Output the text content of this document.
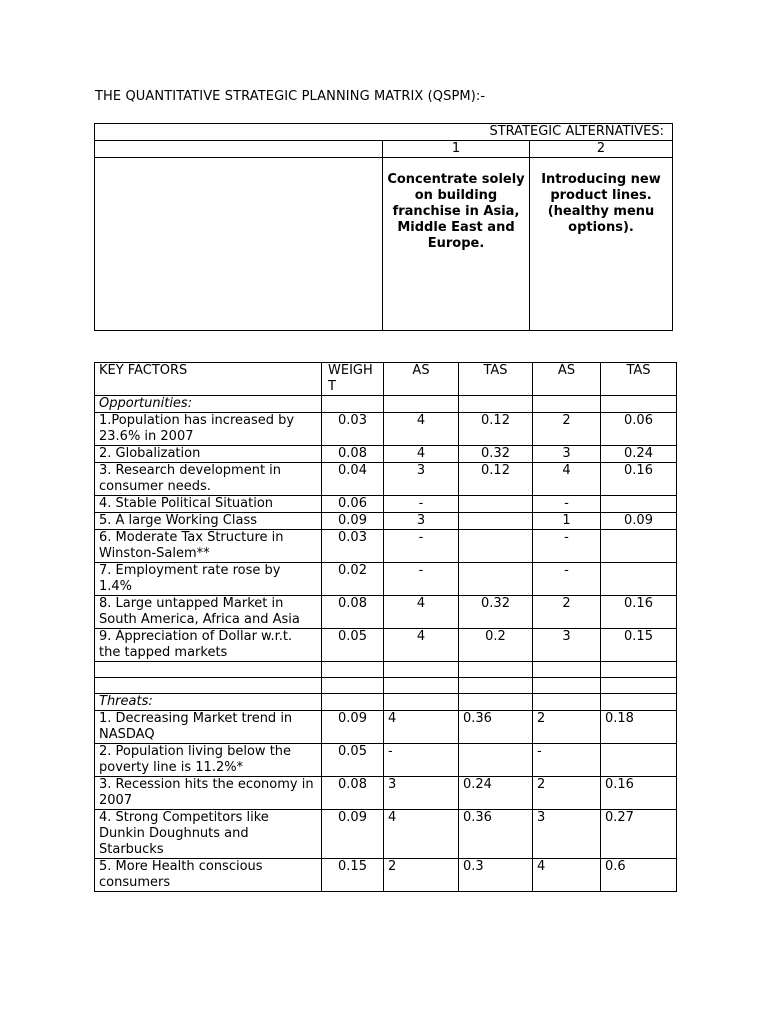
THE QUANTITATIVE STRATEGIC PLANNING MATRIX (QSPM):-
STRATEGIC ALTERNATIVES:		
	1	2
	Concentrate solely on building franchise in Asia, Middle East and Europe.	Introducing new product lines. (healthy menu options).
KEY FACTORS	WEIGH T	AS	TAS	AS	TAS
Opportunities:					
1.Population has increased by 23.6% in 2007	0.03	4	0.12	2	0.06
2. Globalization	0.08	4	0.32	3	0.24
3. Research development in consumer needs.	0.04	3	0.12	4	0.16
4. Stable Political Situation	0.06	-		-	
5. A large Working Class	0.09	3		1	0.09
6. Moderate Tax Structure in Winston-Salem**	0.03	-		-	
7. Employment rate rose by 1.4%	0.02	-		-	
8. Large untapped Market in South America, Africa and Asia	0.08	4	0.32	2	0.16
9. Appreciation of Dollar w.r.t. the tapped markets	0.05	4	0.2	3	0.15

Threats:					
1. Decreasing Market trend in NASDAQ	0.09	4	0.36	2	0.18
2. Population living below the poverty line is 11.2%*	0.05	-		-	
3. Recession hits the economy in 2007	0.08	3	0.24	2	0.16
4. Strong Competitors like Dunkin Doughnuts and Starbucks	0.09	4	0.36	3	0.27
5. More Health conscious consumers	0.15	2	0.3	4	0.6
